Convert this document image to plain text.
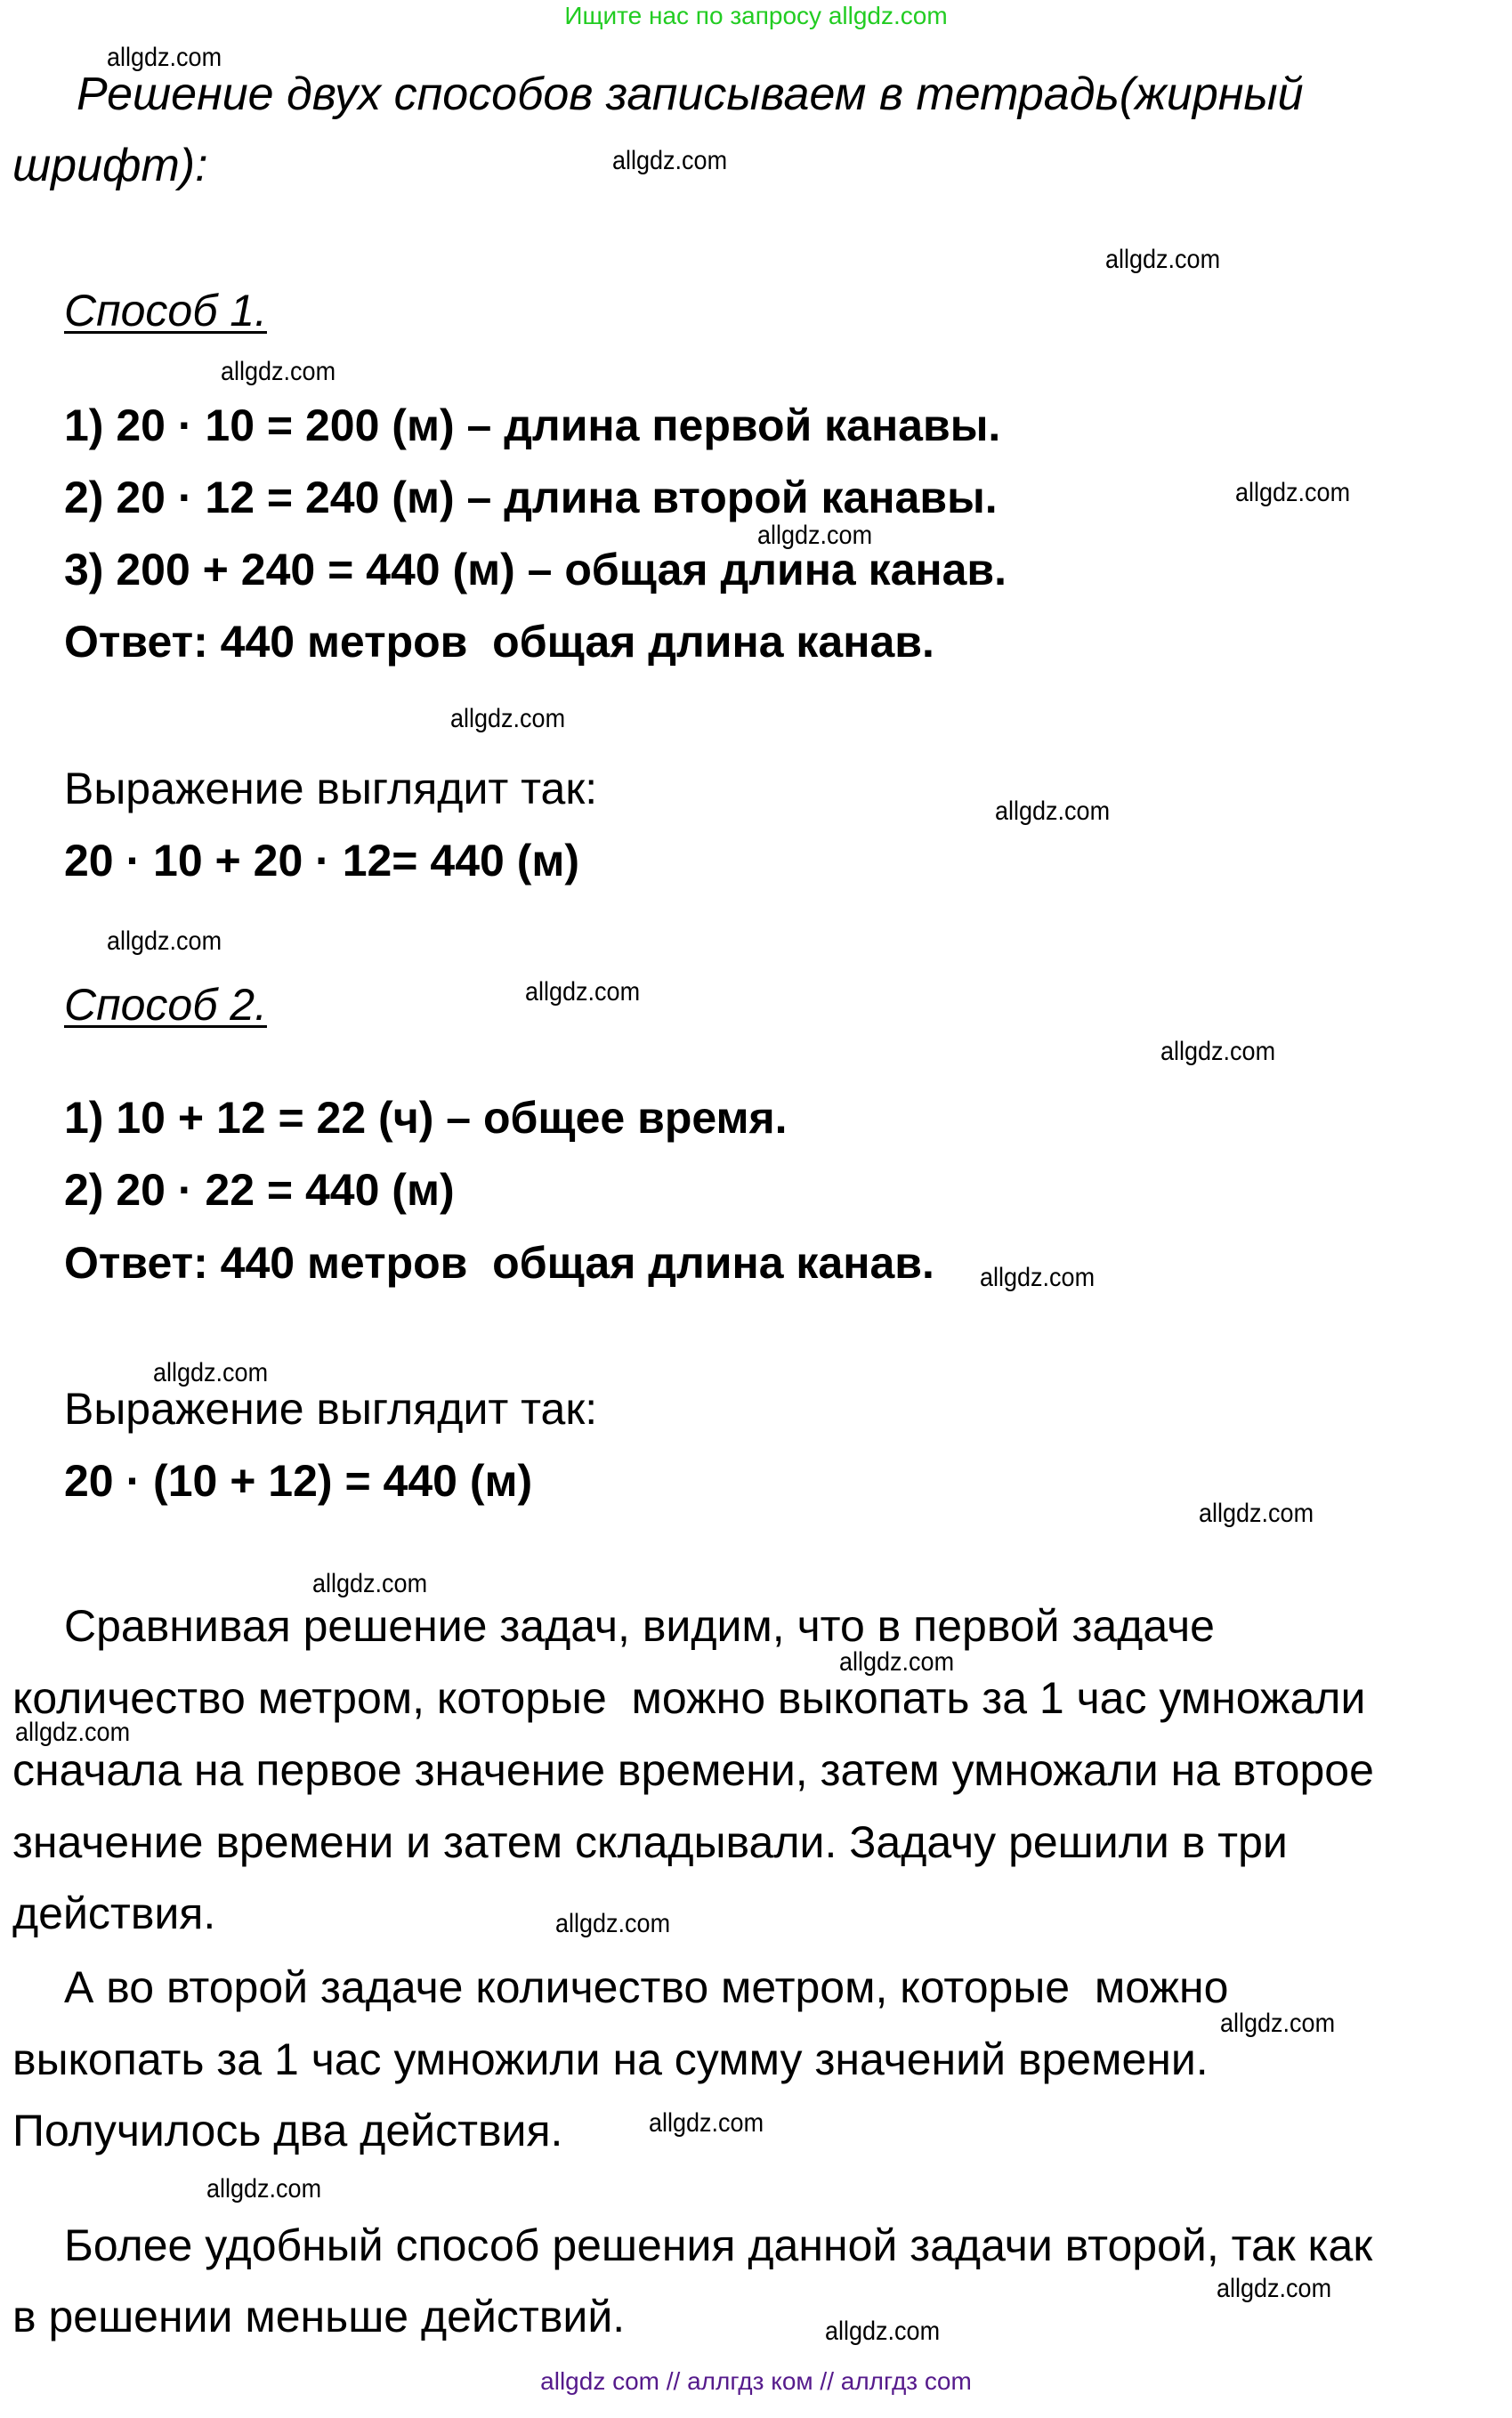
Ищите нас по запросу allgdz.com
Решение двух способов записываем в тетрадь(жирный
шрифт):
Способ 1.
1) 20 · 10 = 200 (м) – длина первой канавы.
2) 20 · 12 = 240 (м) – длина второй канавы.
3) 200 + 240 = 440 (м) – общая длина канав.
Ответ: 440 метров  общая длина канав.
Выражение выглядит так:
20 · 10 + 20 · 12= 440 (м)
Способ 2.
1) 10 + 12 = 22 (ч) – общее время.
2) 20 · 22 = 440 (м)
Ответ: 440 метров  общая длина канав.
Выражение выглядит так:
20 · (10 + 12) = 440 (м)
Сравнивая решение задач, видим, что в первой задаче
количество метром, которые  можно выкопать за 1 час умножали
сначала на первое значение времени, затем умножали на второе
значение времени и затем складывали. Задачу решили в три
действия.
А во второй задаче количество метром, которые  можно
выкопать за 1 час умножили на сумму значений времени.
Получилось два действия.
Более удобный способ решения данной задачи второй, так как
в решении меньше действий.
allgdz.com
allgdz.com
allgdz.com
allgdz.com
allgdz.com
allgdz.com
allgdz.com
allgdz.com
allgdz.com
allgdz.com
allgdz.com
allgdz.com
allgdz.com
allgdz.com
allgdz.com
allgdz.com
allgdz.com
allgdz.com
allgdz.com
allgdz.com
allgdz.com
allgdz.com
allgdz.com
allgdz com // аллгдз ком // аллгдз com
